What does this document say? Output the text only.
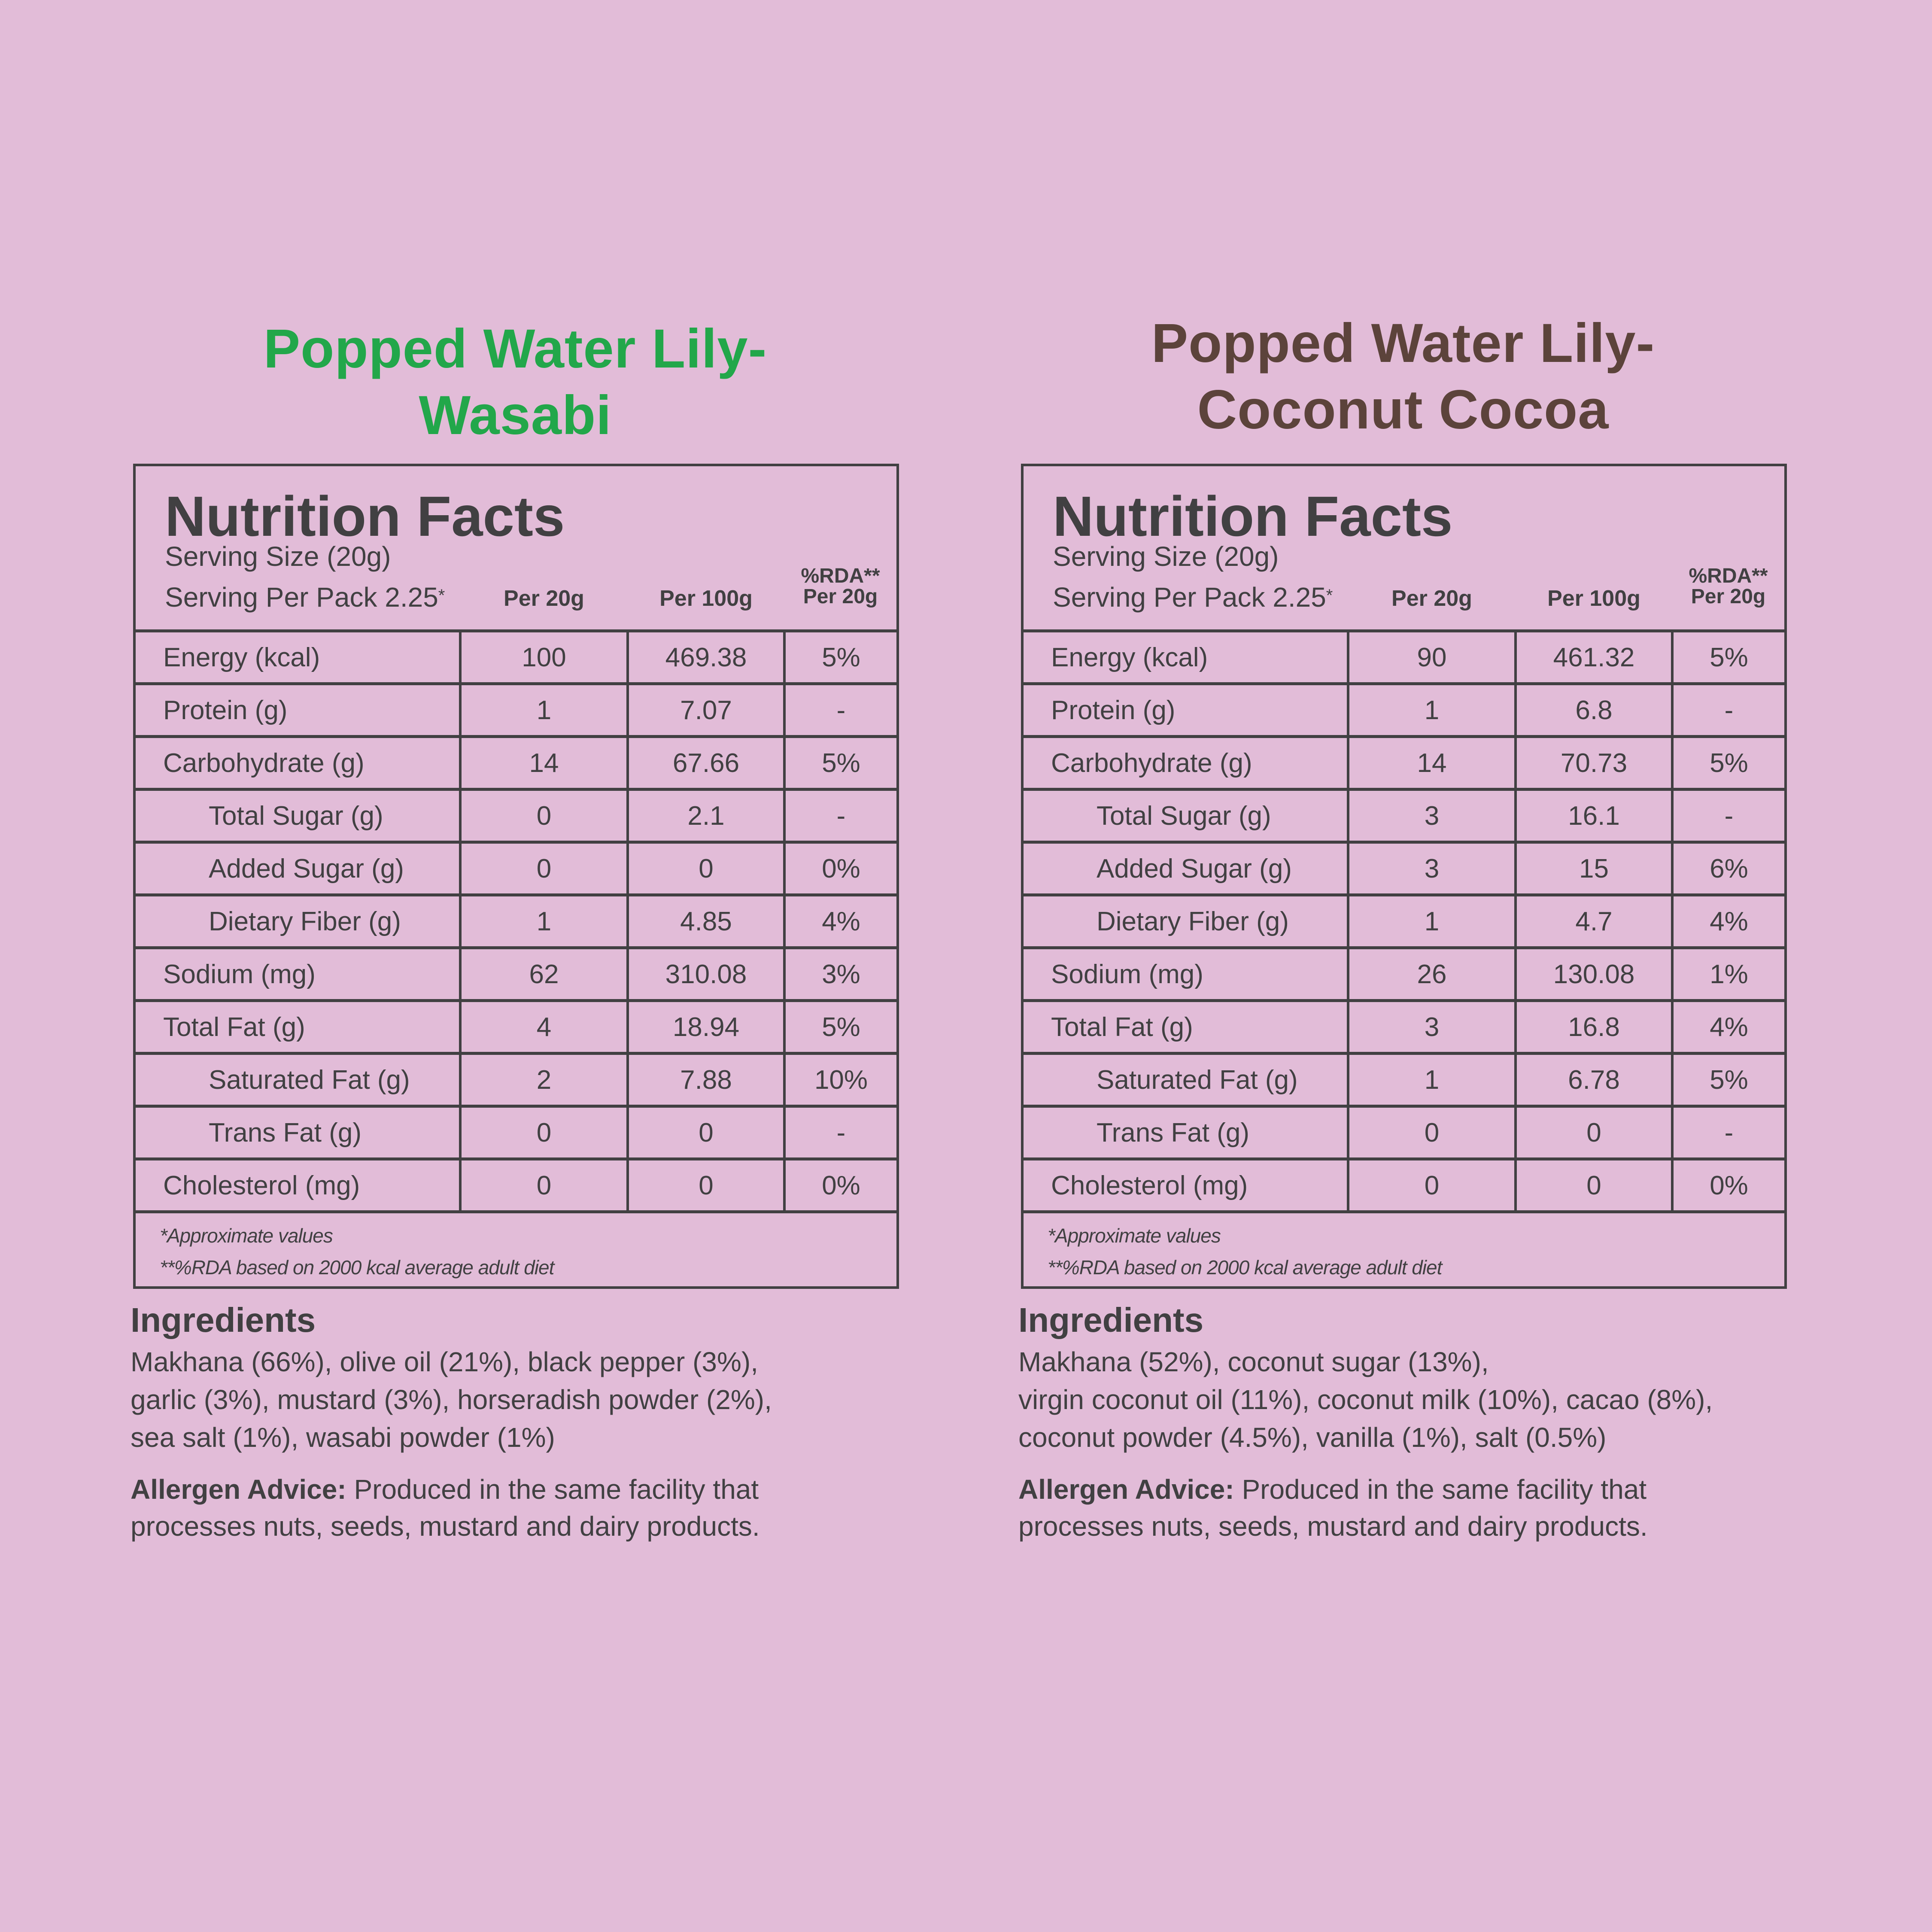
Popped Water Lily-
Wasabi
Nutrition Facts
Serving Size (20g)
Serving Per Pack 2.25*	Per 20g	Per 100g
%RDA**
Per 20g
Energy (kcal)	100	469.38	5%
Protein (g)	1	7.07	-
Carbohydrate (g)	14	67.66	5%
Total Sugar (g)	0	2.1	-
Added Sugar (g)	0	0	0%
Dietary Fiber (g)	1	4.85	4%
Sodium (mg)	62	310.08	3%
Total Fat (g)	4	18.94	5%
Saturated Fat (g)	2	7.88	10%
Trans Fat (g)	0	0	-
Cholesterol (mg)	0	0	0%
*Approximate values
**%RDA based on 2000 kcal average adult diet
Ingredients
Makhana (66%), olive oil (21%), black pepper (3%),
garlic (3%), mustard (3%), horseradish powder (2%),
sea salt (1%), wasabi powder (1%)
Allergen Advice: Produced in the same facility that
processes nuts, seeds, mustard and dairy products.
Popped Water Lily-
Coconut Cocoa
Nutrition Facts
Serving Size (20g)
Serving Per Pack 2.25*	Per 20g	Per 100g
%RDA**
Per 20g
Energy (kcal)	90	461.32	5%
Protein (g)	1	6.8	-
Carbohydrate (g)	14	70.73	5%
Total Sugar (g)	3	16.1	-
Added Sugar (g)	3	15	6%
Dietary Fiber (g)	1	4.7	4%
Sodium (mg)	26	130.08	1%
Total Fat (g)	3	16.8	4%
Saturated Fat (g)	1	6.78	5%
Trans Fat (g)	0	0	-
Cholesterol (mg)	0	0	0%
*Approximate values
**%RDA based on 2000 kcal average adult diet
Ingredients
Makhana (52%), coconut sugar (13%),
virgin coconut oil (11%), coconut milk (10%), cacao (8%),
coconut powder (4.5%), vanilla (1%), salt (0.5%)
Allergen Advice: Produced in the same facility that
processes nuts, seeds, mustard and dairy products.
